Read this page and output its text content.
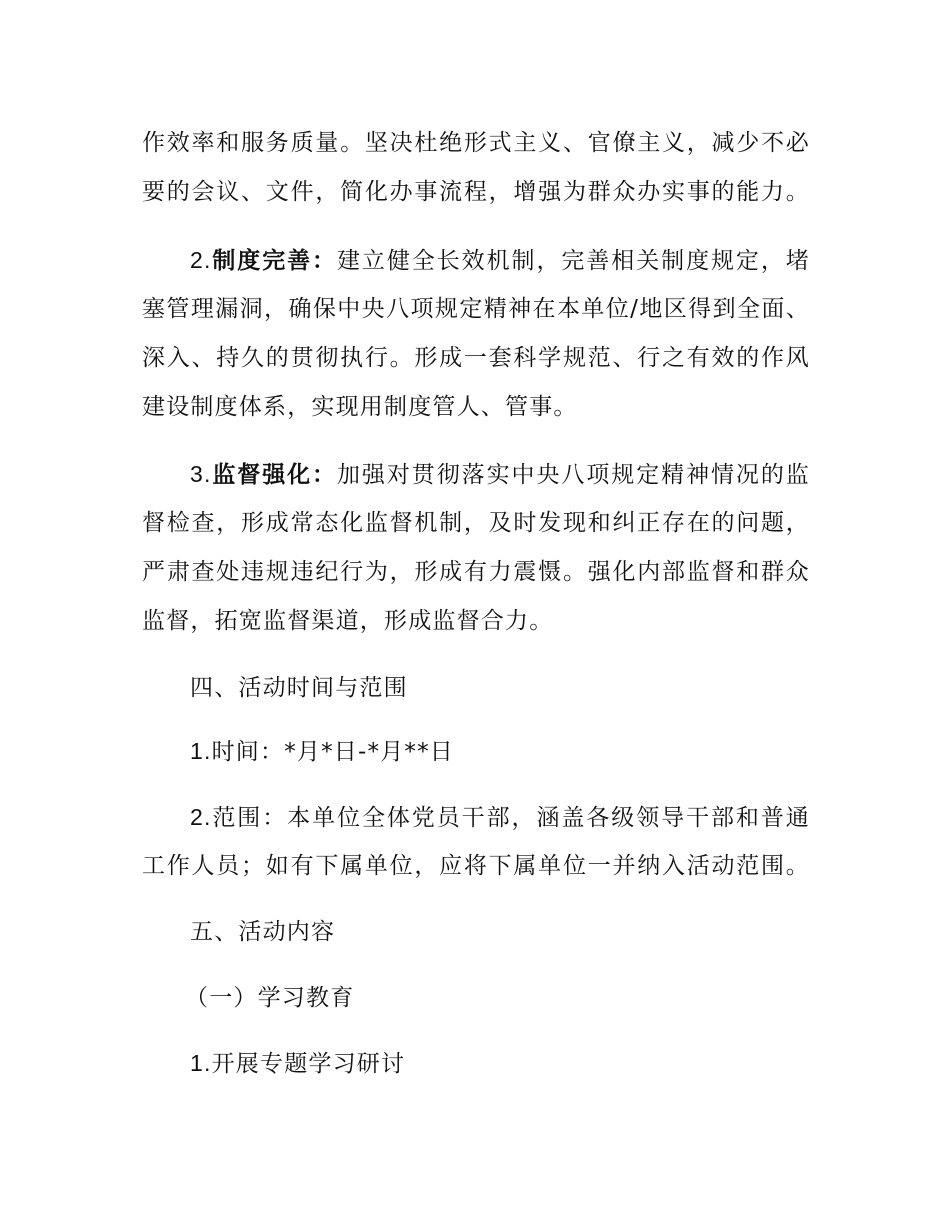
作效率和服务质量。坚决杜绝形式主义、官僚主义，减少不必
要的会议、文件，简化办事流程，增强为群众办实事的能力。
2.制度完善：建立健全长效机制，完善相关制度规定，堵
塞管理漏洞，确保中央八项规定精神在本单位/地区得到全面、
深入、持久的贯彻执行。形成一套科学规范、行之有效的作风
建设制度体系，实现用制度管人、管事。
3.监督强化：加强对贯彻落实中央八项规定精神情况的监
督检查，形成常态化监督机制，及时发现和纠正存在的问题，
严肃查处违规违纪行为，形成有力震慑。强化内部监督和群众
监督，拓宽监督渠道，形成监督合力。
四、活动时间与范围
1.时间：*月*日-*月**日
2.范围：本单位全体党员干部，涵盖各级领导干部和普通
工作人员；如有下属单位，应将下属单位一并纳入活动范围。
五、活动内容
（一）学习教育
1.开展专题学习研讨
